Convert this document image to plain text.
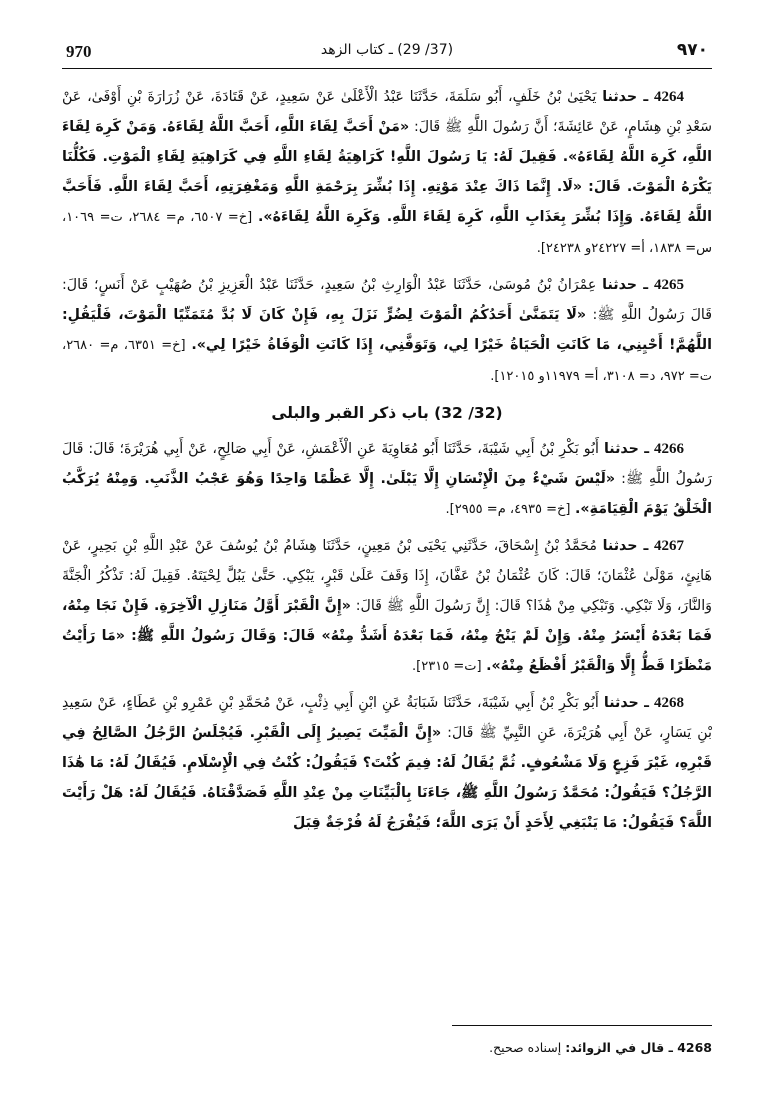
970	(37/ 29) ـ كتاب الزهد	٩٧٠

4264 ـ حدثنا يَحْيَىٰ بْنُ خَلَفٍ، أَبُو سَلَمَةَ، حَدَّثَنَا عَبْدُ الْأَعْلَىٰ عَنْ سَعِيدٍ، عَنْ قَتَادَةَ، عَنْ زُرَارَةَ بْنِ أَوْفَىٰ، عَنْ سَعْدِ بْنِ هِشَامٍ، عَنْ عَائِشَةَ؛ أَنَّ رَسُولَ اللَّهِ ﷺ قَالَ: «مَنْ أَحَبَّ لِقَاءَ اللَّهِ، أَحَبَّ اللَّهُ لِقَاءَهُ. وَمَنْ كَرِهَ لِقَاءَ اللَّهِ، كَرِهَ اللَّهُ لِقَاءَهُ». فَقِيلَ لَهُ: يَا رَسُولَ اللَّهِ! كَرَاهِيَةُ لِقَاءِ اللَّهِ فِي كَرَاهِيَةِ لِقَاءِ الْمَوْتِ. فَكُلُّنَا يَكْرَهُ الْمَوْتَ. قَالَ: «لَا. إِنَّمَا ذَاكَ عِنْدَ مَوْتِهِ. إِذَا بُشِّرَ بِرَحْمَةِ اللَّهِ وَمَغْفِرَتِهِ، أَحَبَّ لِقَاءَ اللَّهِ. فَأَحَبَّ اللَّهُ لِقَاءَهُ. وَإِذَا بُشِّرَ بِعَذَابِ اللَّهِ، كَرِهَ لِقَاءَ اللَّهِ. وَكَرِهَ اللَّهُ لِقَاءَهُ». [خ= ٦٥٠٧، م= ٢٦٨٤، ت= ١٠٦٩، س= ١٨٣٨، أ= ٢٤٢٢٧و ٢٤٢٣٨].

4265 ـ حدثنا عِمْرَانُ بْنُ مُوسَىٰ، حَدَّثَنَا عَبْدُ الْوَارِثِ بْنُ سَعِيدٍ، حَدَّثَنَا عَبْدُ الْعَزِيزِ بْنُ صُهَيْبٍ عَنْ أَنَسٍ؛ قَالَ: قَالَ رَسُولُ اللَّهِ ﷺ: «لَا يَتَمَنَّىٰ أَحَدُكُمُ الْمَوْتَ لِضُرٍّ نَزَلَ بِهِ، فَإِنْ كَانَ لَا بُدَّ مُتَمَنِّيًا الْمَوْتَ، فَلْيَقُلِ: اللَّهُمَّ! أَحْيِنِي، مَا كَانَتِ الْحَيَاةُ خَيْرًا لِي، وَتَوَفَّنِي، إِذَا كَانَتِ الْوَفَاةُ خَيْرًا لِي». [خ= ٦٣٥١، م= ٢٦٨٠، ت= ٩٧٢، د= ٣١٠٨، أ= ١١٩٧٩و ١٢٠١٥].

(32/ 32) باب ذكر القبر والبلى

4266 ـ حدثنا أَبُو بَكْرِ بْنُ أَبِي شَيْبَةَ، حَدَّثَنَا أَبُو مُعَاوِيَةَ عَنِ الْأَعْمَشِ، عَنْ أَبِي صَالِحٍ، عَنْ أَبِي هُرَيْرَةَ؛ قَالَ: قَالَ رَسُولُ اللَّهِ ﷺ: «لَيْسَ شَيْءٌ مِنَ الْإِنْسَانِ إِلَّا يَبْلَىٰ. إِلَّا عَظْمًا وَاحِدًا وَهُوَ عَجْبُ الذَّنَبِ. وَمِنْهُ يُرَكَّبُ الْخَلْقُ يَوْمَ الْقِيَامَةِ». [خ= ٤٩٣٥، م= ٢٩٥٥].

4267 ـ حدثنا مُحَمَّدُ بْنُ إِسْحَاقَ، حَدَّثَنِي يَحْيَى بْنُ مَعِينٍ، حَدَّثَنَا هِشَامُ بْنُ يُوسُفَ عَنْ عَبْدِ اللَّهِ بْنِ بَحِيرٍ، عَنْ هَانِئٍ، مَوْلَىٰ عُثْمَانَ؛ قَالَ: كَانَ عُثْمَانُ بْنُ عَفَّانَ، إِذَا وَقَفَ عَلَىٰ قَبْرٍ، يَبْكِي. حَتَّىٰ يَبُلَّ لِحْيَتَهُ. فَقِيلَ لَهُ: تَذْكُرُ الْجَنَّةَ وَالنَّارَ، وَلَا تَبْكِي. وَتَبْكِي مِنْ هَٰذَا؟ قَالَ: إِنَّ رَسُولَ اللَّهِ ﷺ قَالَ: «إِنَّ الْقَبْرَ أَوَّلُ مَنَازِلِ الْآخِرَةِ. فَإِنْ نَجَا مِنْهُ، فَمَا بَعْدَهُ أَيْسَرُ مِنْهُ. وَإِنْ لَمْ يَنْجُ مِنْهُ، فَمَا بَعْدَهُ أَشَدُّ مِنْهُ» قَالَ: وَقَالَ رَسُولُ اللَّهِ ﷺ: «مَا رَأَيْتُ مَنْظَرًا قَطُّ إِلَّا وَالْقَبْرُ أَفْظَعُ مِنْهُ». [ت= ٢٣١٥].

4268 ـ حدثنا أَبُو بَكْرِ بْنُ أَبِي شَيْبَةَ، حَدَّثَنَا شَبَابَةُ عَنِ ابْنِ أَبِي ذِئْبٍ، عَنْ مُحَمَّدِ بْنِ عَمْرِو بْنِ عَطَاءٍ، عَنْ سَعِيدِ بْنِ يَسَارٍ، عَنْ أَبِي هُرَيْرَةَ، عَنِ النَّبِيِّ ﷺ قَالَ: «إِنَّ الْمَيِّتَ يَصِيرُ إِلَى الْقَبْرِ. فَيُجْلَسُ الرَّجُلُ الصَّالِحُ فِي قَبْرِهِ، غَيْرَ فَزِعٍ وَلَا مَشْعُوفٍ. ثُمَّ يُقَالُ لَهُ: فِيمَ كُنْتَ؟ فَيَقُولُ: كُنْتُ فِي الْإِسْلَامِ. فَيُقَالُ لَهُ: مَا هَٰذَا الرَّجُلُ؟ فَيَقُولُ: مُحَمَّدٌ رَسُولُ اللَّهِ ﷺ، جَاءَنَا بِالْبَيِّنَاتِ مِنْ عِنْدِ اللَّهِ فَصَدَّقْنَاهُ. فَيُقَالُ لَهُ: هَلْ رَأَيْتَ اللَّهَ؟ فَيَقُولُ: مَا يَنْبَغِي لِأَحَدٍ أَنْ يَرَى اللَّهَ؛ فَيُفْرَجُ لَهُ فُرْجَةٌ قِبَلَ

4268 ـ قال في الزوائد: إسناده صحيح.
